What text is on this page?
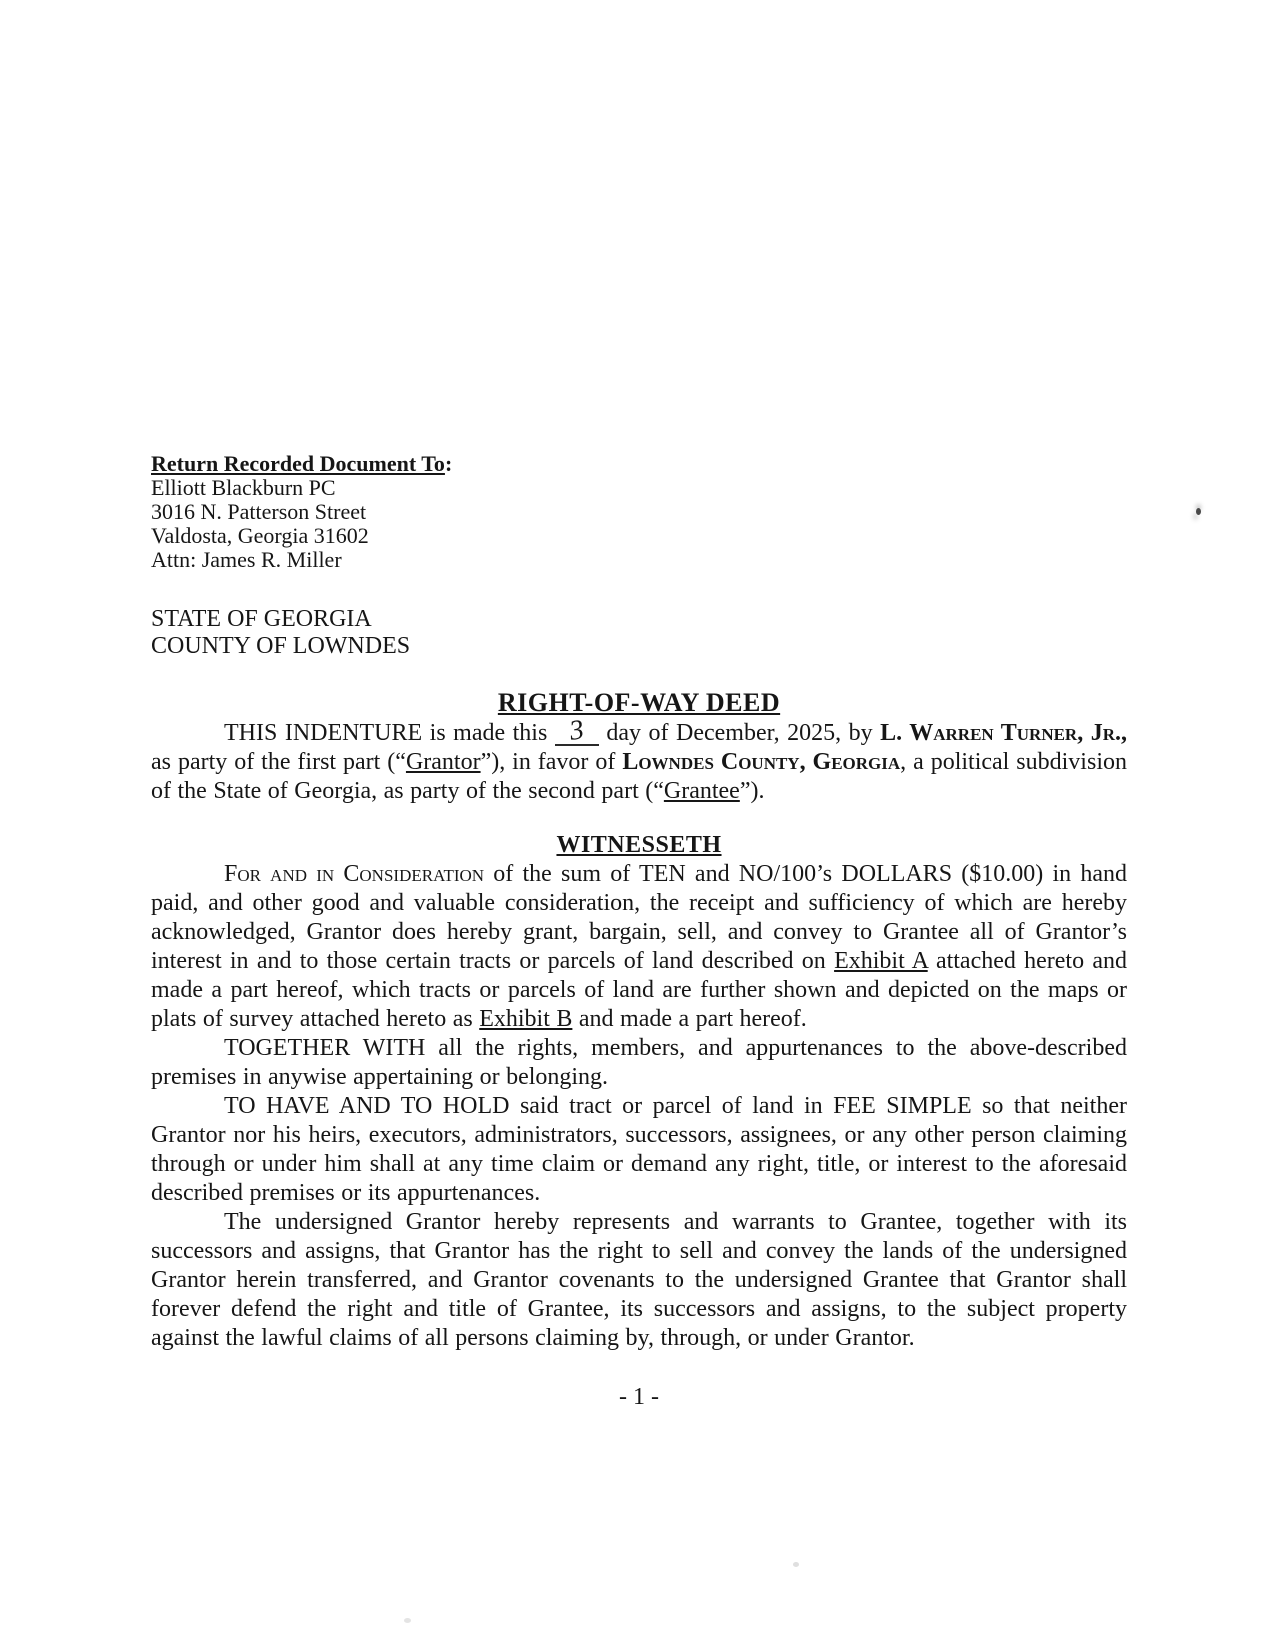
Return Recorded Document To:
Elliott Blackburn PC
3016 N. Patterson Street
Valdosta, Georgia 31602
Attn: James R. Miller
STATE OF GEORGIA
COUNTY OF LOWNDES
RIGHT-OF-WAY DEED

THIS INDENTURE is made this 3 day of December, 2025, by L. Warren Turner, Jr., as party of the first part (“Grantor”), in favor of Lowndes County, Georgia, a political subdivision of the State of Georgia, as party of the second part (“Grantee”).

WITNESSETH

For and in Consideration of the sum of TEN and NO/100’s DOLLARS ($10.00) in hand paid, and other good and valuable consideration, the receipt and sufficiency of which are hereby acknowledged, Grantor does hereby grant, bargain, sell, and convey to Grantee all of Grantor’s interest in and to those certain tracts or parcels of land described on Exhibit A attached hereto and made a part hereof, which tracts or parcels of land are further shown and depicted on the maps or plats of survey attached hereto as Exhibit B and made a part hereof.

TOGETHER WITH all the rights, members, and appurtenances to the above-described premises in anywise appertaining or belonging.

TO HAVE AND TO HOLD said tract or parcel of land in FEE SIMPLE so that neither Grantor nor his heirs, executors, administrators, successors, assignees, or any other person claiming through or under him shall at any time claim or demand any right, title, or interest to the aforesaid described premises or its appurtenances.

The undersigned Grantor hereby represents and warrants to Grantee, together with its successors and assigns, that Grantor has the right to sell and convey the lands of the undersigned Grantor herein transferred, and Grantor covenants to the undersigned Grantee that Grantor shall forever defend the right and title of Grantee, its successors and assigns, to the subject property against the lawful claims of all persons claiming by, through, or under Grantor.

- 1 -
